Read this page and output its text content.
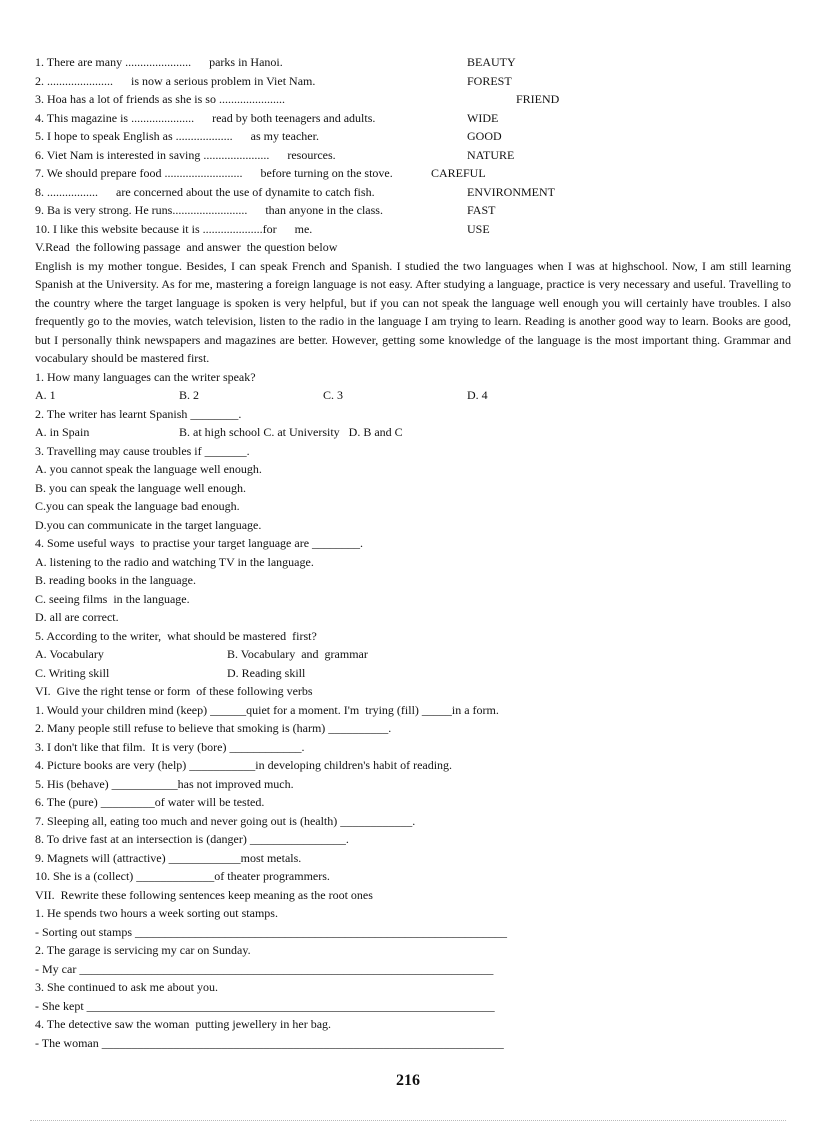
1. There are many ......................      parks in Hanoi.	BEAUTY
2. ......................      is now a serious problem in Viet Nam.	FOREST
3. Hoa has a lot of friends as she is so ......................	FRIEND
4. This magazine is .....................      read by both teenagers and adults.	WIDE
5. I hope to speak English as ...................      as my teacher.	GOOD
6. Viet Nam is interested in saving ......................      resources.	NATURE
7. We should prepare food ..........................      before turning on the stove.	CAREFUL
8. .................      are concerned about the use of dynamite to catch fish.	ENVIRONMENT
9. Ba is very strong. He runs.........................      than anyone in the class.	FAST
10. I like this website because it is ....................for      me.	USE
V.Read  the following passage  and answer  the question below
English is my mother tongue. Besides, I can speak French and Spanish. I studied the two languages when I was at highschool. Now, I am still learning Spanish at the University. As for me, mastering a foreign language is not easy. After studying a language, practice is very necessary and useful. Travelling to the country where the target language is spoken is very helpful, but if you can not speak the language well enough you will certainly have troubles. I also frequently go to the movies, watch television, listen to the radio in the language I am trying to learn. Reading is another good way to learn. Books are good, but I personally think newspapers and magazines are better. However, getting some knowledge of the language is the most important thing. Grammar and vocabulary should be mastered first.
1. How many languages can the writer speak?

A. 1

	B. 2

	C. 3

	D. 4

2. The writer has learnt Spanish ________.

A. in Spain

	B. at high school C. at University   D. B and C

3. Travelling may cause troubles if _______.
A. you cannot speak the language well enough.
B. you can speak the language well enough.
C.you can speak the language bad enough.
D.you can communicate in the target language.
4. Some useful ways  to practise your target language are ________.
A. listening to the radio and watching TV in the language.
B. reading books in the language.
C. seeing films  in the language.
D. all are correct.
5. According to the writer,  what should be mastered  first?

A. Vocabulary

	B. Vocabulary  and  grammar

C. Writing skill

	D. Reading skill

VI.  Give the right tense or form  of these following verbs
1. Would your children mind (keep) ______quiet for a moment. I'm  trying (fill) _____in a form.
2. Many people still refuse to believe that smoking is (harm) __________.
3. I don't like that film.  It is very (bore) ____________.
4. Picture books are very (help) ___________in developing children's habit of reading.
5. His (behave) ___________has not improved much.
6. The (pure) _________of water will be tested.
7. Sleeping all, eating too much and never going out is (health) ____________.
8. To drive fast at an intersection is (danger) ________________.
9. Magnets will (attractive) ____________most metals.
10. She is a (collect) _____________of theater programmers.
VII.  Rewrite these following sentences keep meaning as the root ones
1. He spends two hours a week sorting out stamps.
- Sorting out stamps ______________________________________________________________
2. The garage is servicing my car on Sunday.
- My car _____________________________________________________________________
3. She continued to ask me about you.
- She kept ____________________________________________________________________
4. The detective saw the woman  putting jewellery in her bag.
- The woman ___________________________________________________________________
216
